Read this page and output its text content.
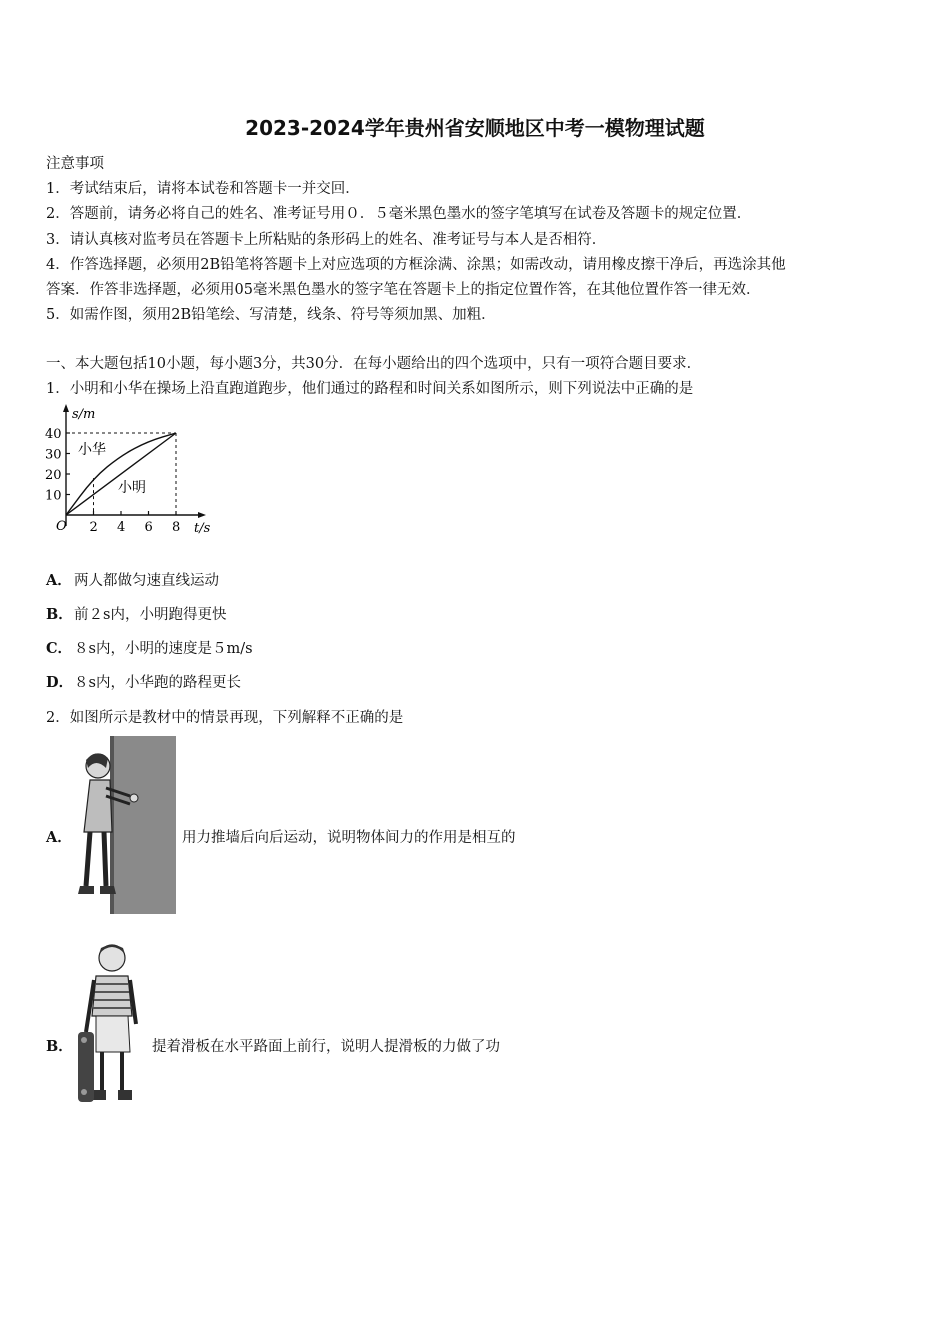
2023-2024学年贵州省安顺地区中考一模物理试题
注意事项
1．考试结束后，请将本试卷和答题卡一并交回．
2．答题前，请务必将自己的姓名、准考证号用０．５毫米黑色墨水的签字笔填写在试卷及答题卡的规定位置．
3．请认真核对监考员在答题卡上所粘贴的条形码上的姓名、准考证号与本人是否相符．
4．作答选择题，必须用2B铅笔将答题卡上对应选项的方框涂满、涂黑；如需改动，请用橡皮擦干净后，再选涂其他
答案．作答非选择题，必须用05毫米黑色墨水的签字笔在答题卡上的指定位置作答，在其他位置作答一律无效．
5．如需作图，须用2B铅笔绘、写清楚，线条、符号等须加黑、加粗．
一、本大题包括10小题，每小题3分，共30分．在每小题给出的四个选项中，只有一项符合题目要求．
1．小明和小华在操场上沿直跑道跑步，他们通过的路程和时间关系如图所示，则下列说法中正确的是
s/m
t/s
O
10
20
30
40
2 4 6 8
小华
小明
A． 两人都做匀速直线运动
B． 前２s内，小明跑得更快
C． ８s内，小明的速度是５m/s
D． ８s内，小华跑的路程更长
2．如图所示是教材中的情景再现，下列解释不正确的是
A．	用力推墙后向后运动，说明物体间力的作用是相互的
B．	提着滑板在水平路面上前行，说明人提滑板的力做了功
